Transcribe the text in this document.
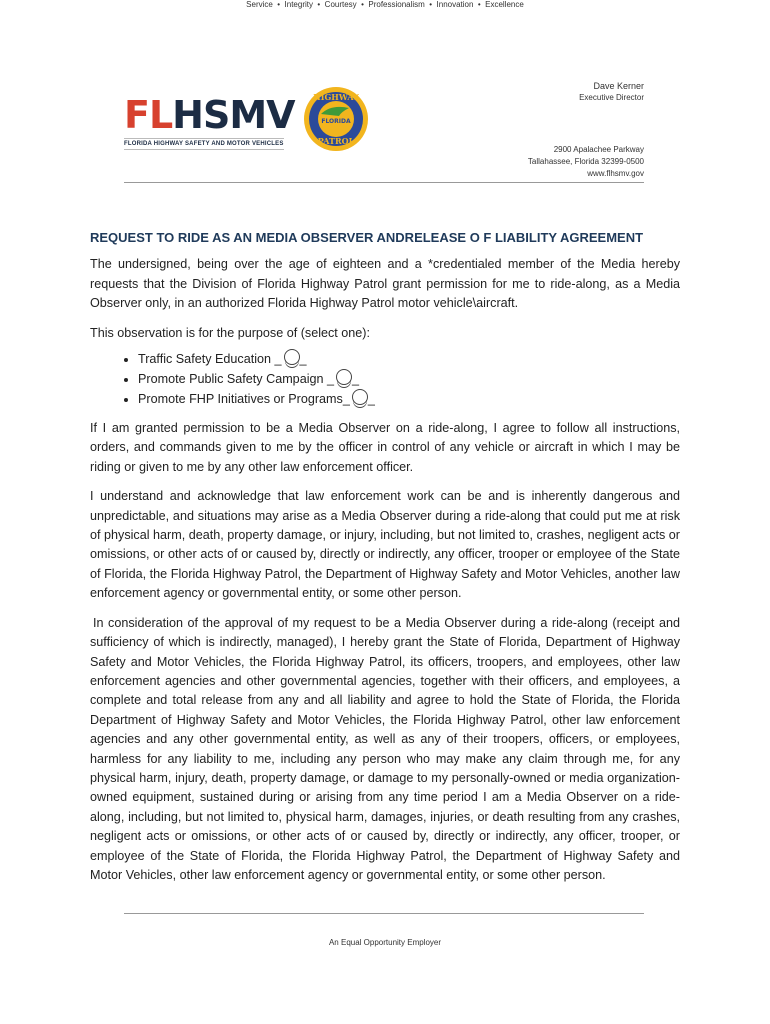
FLHSMV
FLORIDA HIGHWAY SAFETY AND MOTOR VEHICLES
HIGHWAY
FLORIDA
PATROL
Dave Kerner
Executive Director
2900 Apalachee Parkway
Tallahassee, Florida 32399-0500
www.flhsmv.gov
REQUEST TO RIDE AS AN MEDIA OBSERVER ANDRELEASE O F LIABILITY AGREEMENT

The undersigned, being over the age of eighteen and a *credentialed member of the Media hereby requests that the Division of Florida Highway Patrol grant permission for me to ride-along, as a Media Observer only, in an authorized Florida Highway Patrol motor vehicle\aircraft.

This observation is for the purpose of (select one):

• Traffic Safety Education _ _
• Promote Public Safety Campaign _ _
• Promote FHP Initiatives or Programs_ _

If I am granted permission to be a Media Observer on a ride-along, I agree to follow all instructions, orders, and commands given to me by the officer in control of any vehicle or aircraft in which I may be riding or given to me by any other law enforcement officer.

I understand and acknowledge that law enforcement work can be and is inherently dangerous and unpredictable, and situations may arise as a Media Observer during a ride-along that could put me at risk of physical harm, death, property damage, or injury, including, but not limited to, crashes, negligent acts or omissions, or other acts of or caused by, directly or indirectly, any officer, trooper or employee of the State of Florida, the Florida Highway Patrol, the Department of Highway Safety and Motor Vehicles, another law enforcement agency or governmental entity, or some other person.

In consideration of the approval of my request to be a Media Observer during a ride-along (receipt and sufficiency of which is indirectly, managed), I hereby grant the State of Florida, Department of Highway Safety and Motor Vehicles, the Florida Highway Patrol, its officers, troopers, and employees, other law enforcement agencies and other governmental agencies, together with their officers, and employees, a complete and total release from any and all liability and agree to hold the State of Florida, the Florida Department of Highway Safety and Motor Vehicles, the Florida Highway Patrol, other law enforcement agencies and any other governmental entity, as well as any of their troopers, officers, or employees, harmless for any liability to me, including any person who may make any claim through me, for any physical harm, injury, death, property damage, or damage to my personally-owned or media organization-owned equipment, sustained during or arising from any time period I am a Media Observer on a ride-along, including, but not limited to, physical harm, damages, injuries, or death resulting from any crashes, negligent acts or omissions, or other acts of or caused by, directly or indirectly, any officer, trooper, or employee of the State of Florida, the Florida Highway Patrol, the Department of Highway Safety and Motor Vehicles, other law enforcement agency or governmental entity, or some other person.

Service  •  Integrity  •  Courtesy  •  Professionalism  •  Innovation  •  Excellence
An Equal Opportunity Employer
